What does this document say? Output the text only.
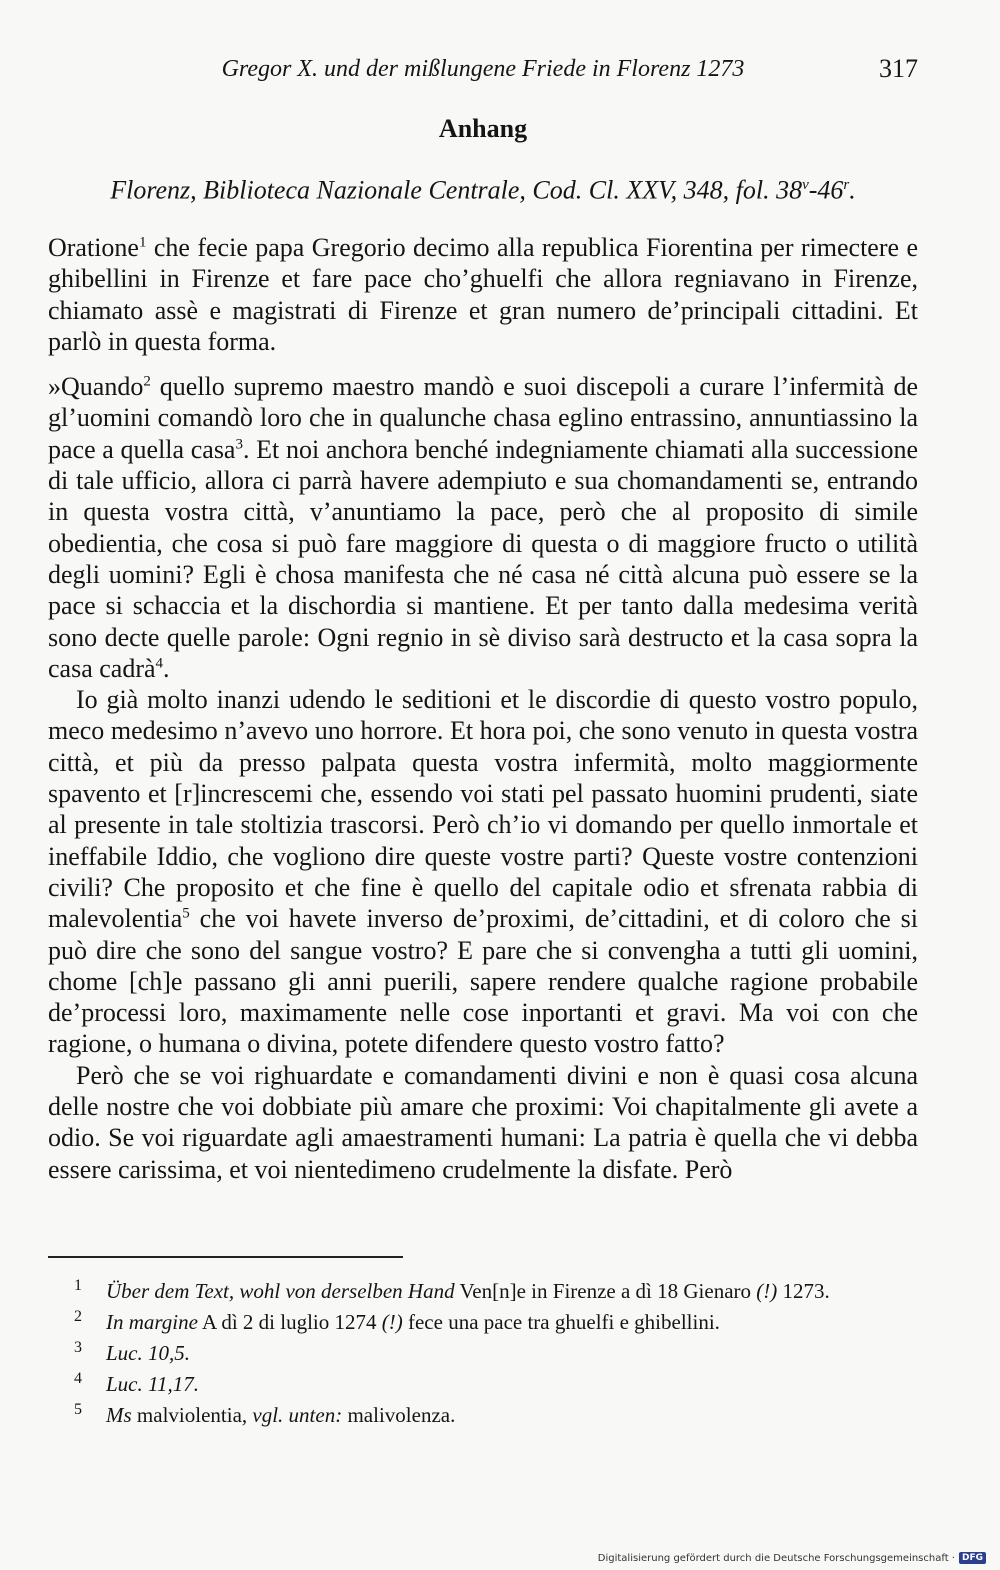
Gregor X. und der mißlungene Friede in Florenz 1273	317
Anhang
Florenz, Biblioteca Nazionale Centrale, Cod. Cl. XXV, 348, fol. 38$^v$-46$^r$.

Oratione$^1$ che fecie papa Gregorio decimo alla republica Fiorentina per rimectere e ghibellini in Firenze et fare pace cho’ghuelfi che allora regniavano in Firenze, chiamato assè e magistrati di Firenze et gran numero de’principali cittadini. Et parlò in questa forma.

»Quando$^2$ quello supremo maestro mandò e suoi discepoli a curare l’infermità de gl’uomini comandò loro che in qualunche chasa eglino entrassino, annuntiassino la pace a quella casa$^3$. Et noi anchora benché indegniamente chiamati alla successione di tale ufficio, allora ci parrà havere adempiuto e sua chomandamenti se, entrando in questa vostra città, v’anuntiamo la pace, però che al proposito di simile obedientia, che cosa si può fare maggiore di questa o di maggiore fructo o utilità degli uomini? Egli è chosa manifesta che né casa né città alcuna può essere se la pace si schaccia et la dischordia si mantiene. Et per tanto dalla medesima verità sono decte quelle parole: Ogni regnio in sè diviso sarà destructo et la casa sopra la casa cadrà$^4$.

Io già molto inanzi udendo le seditioni et le discordie di questo vostro populo, meco medesimo n’avevo uno horrore. Et hora poi, che sono venuto in questa vostra città, et più da presso palpata questa vostra infermità, molto maggiormente spavento et [r]increscemi che, essendo voi stati pel passato huomini prudenti, siate al presente in tale stoltizia trascorsi. Però ch’io vi domando per quello inmortale et ineffabile Iddio, che vogliono dire queste vostre parti? Queste vostre contenzioni civili? Che proposito et che fine è quello del capitale odio et sfrenata rabbia di malevolentia$^5$ che voi havete inverso de’proximi, de’cittadini, et di coloro che si può dire che sono del sangue vostro? E pare che si convengha a tutti gli uomini, chome [ch]e passano gli anni puerili, sapere rendere qualche ragione probabile de’processi loro, maximamente nelle cose inportanti et gravi. Ma voi con che ragione, o humana o divina, potete difendere questo vostro fatto?

Però che se voi righuardate e comandamenti divini e non è quasi cosa alcuna delle nostre che voi dobbiate più amare che proximi: Voi chapitalmente gli avete a odio. Se voi riguardate agli amaestramenti humani: La patria è quella che vi debba essere carissima, et voi nientedimeno crudelmente la disfate. Però

1 Über dem Text, wohl von derselben Hand Ven[n]e in Firenze a dì 18 Gienaro (!) 1273.
2 In margine A dì 2 di luglio 1274 (!) fece una pace tra ghuelfi e ghibellini.
3 Luc. 10,5.
4 Luc. 11,17.
5 Ms malviolentia, vgl. unten: malivolenza.
Digitalisierung gefördert durch die Deutsche Forschungsgemeinschaft · DFG
